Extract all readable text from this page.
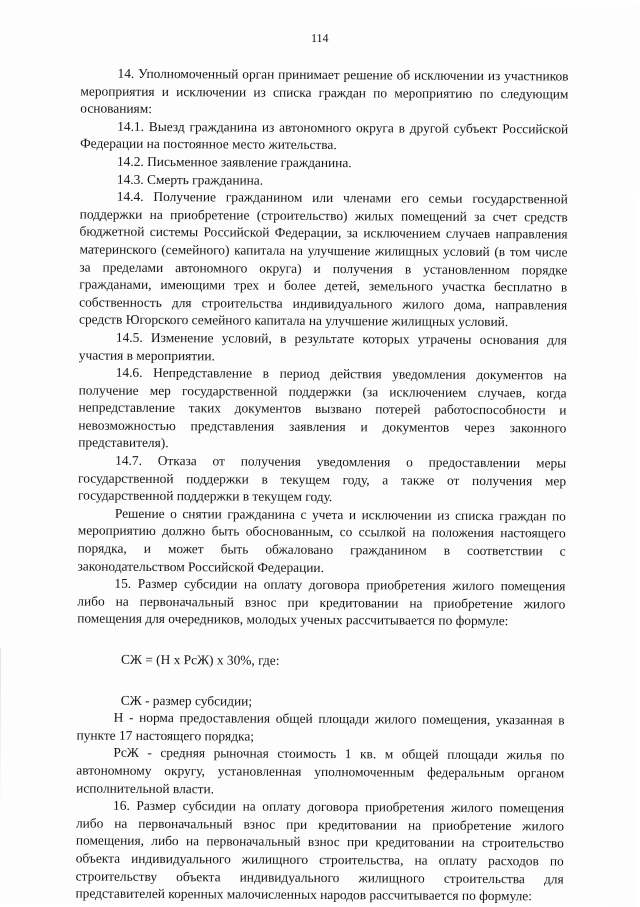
114

14. Уполномоченный орган принимает решение об исключении из участников мероприятия и исключении из списка граждан по мероприятию по следующим основаниям:

14.1. Выезд гражданина из автономного округа в другой субъект Российской Федерации на постоянное место жительства.

14.2. Письменное заявление гражданина.

14.3. Смерть гражданина.

14.4. Получение гражданином или членами его семьи государственной поддержки на приобретение (строительство) жилых помещений за счет средств бюджетной системы Российской Федерации, за исключением случаев направления материнского (семейного) капитала на улучшение жилищных условий (в том числе за пределами автономного округа) и получения в установленном порядке гражданами, имеющими трех и более детей, земельного участка бесплатно в собственность для строительства индивидуального жилого дома, направления средств Югорского семейного капитала на улучшение жилищных условий.

14.5. Изменение условий, в результате которых утрачены основания для участия в мероприятии.

14.6. Непредставление в период действия уведомления документов на получение мер государственной поддержки (за исключением случаев, когда непредставление таких документов вызвано потерей работоспособности и невозможностью представления заявления и документов через законного представителя).

14.7. Отказа от получения уведомления о предоставлении меры государственной поддержки в текущем году, а также от получения мер государственной поддержки в текущем году.

Решение о снятии гражданина с учета и исключении из списка граждан по мероприятию должно быть обоснованным, со ссылкой на положения настоящего порядка, и может быть обжаловано гражданином в соответствии с законодательством Российской Федерации.

15. Размер субсидии на оплату договора приобретения жилого помещения либо на первоначальный взнос при кредитовании на приобретение жилого помещения для очередников, молодых ученых рассчитывается по формуле:

СЖ = (Н х РсЖ) х 30%, где:

СЖ - размер субсидии;

Н - норма предоставления общей площади жилого помещения, указанная в пункте 17 настоящего порядка;

РсЖ - средняя рыночная стоимость 1 кв. м общей площади жилья по автономному округу, установленная уполномоченным федеральным органом исполнительной власти.

16. Размер субсидии на оплату договора приобретения жилого помещения либо на первоначальный взнос при кредитовании на приобретение жилого помещения, либо на первоначальный взнос при кредитовании на строительство объекта индивидуального жилищного строительства, на оплату расходов по строительству объекта индивидуального жилищного строительства для представителей коренных малочисленных народов рассчитывается по формуле:
